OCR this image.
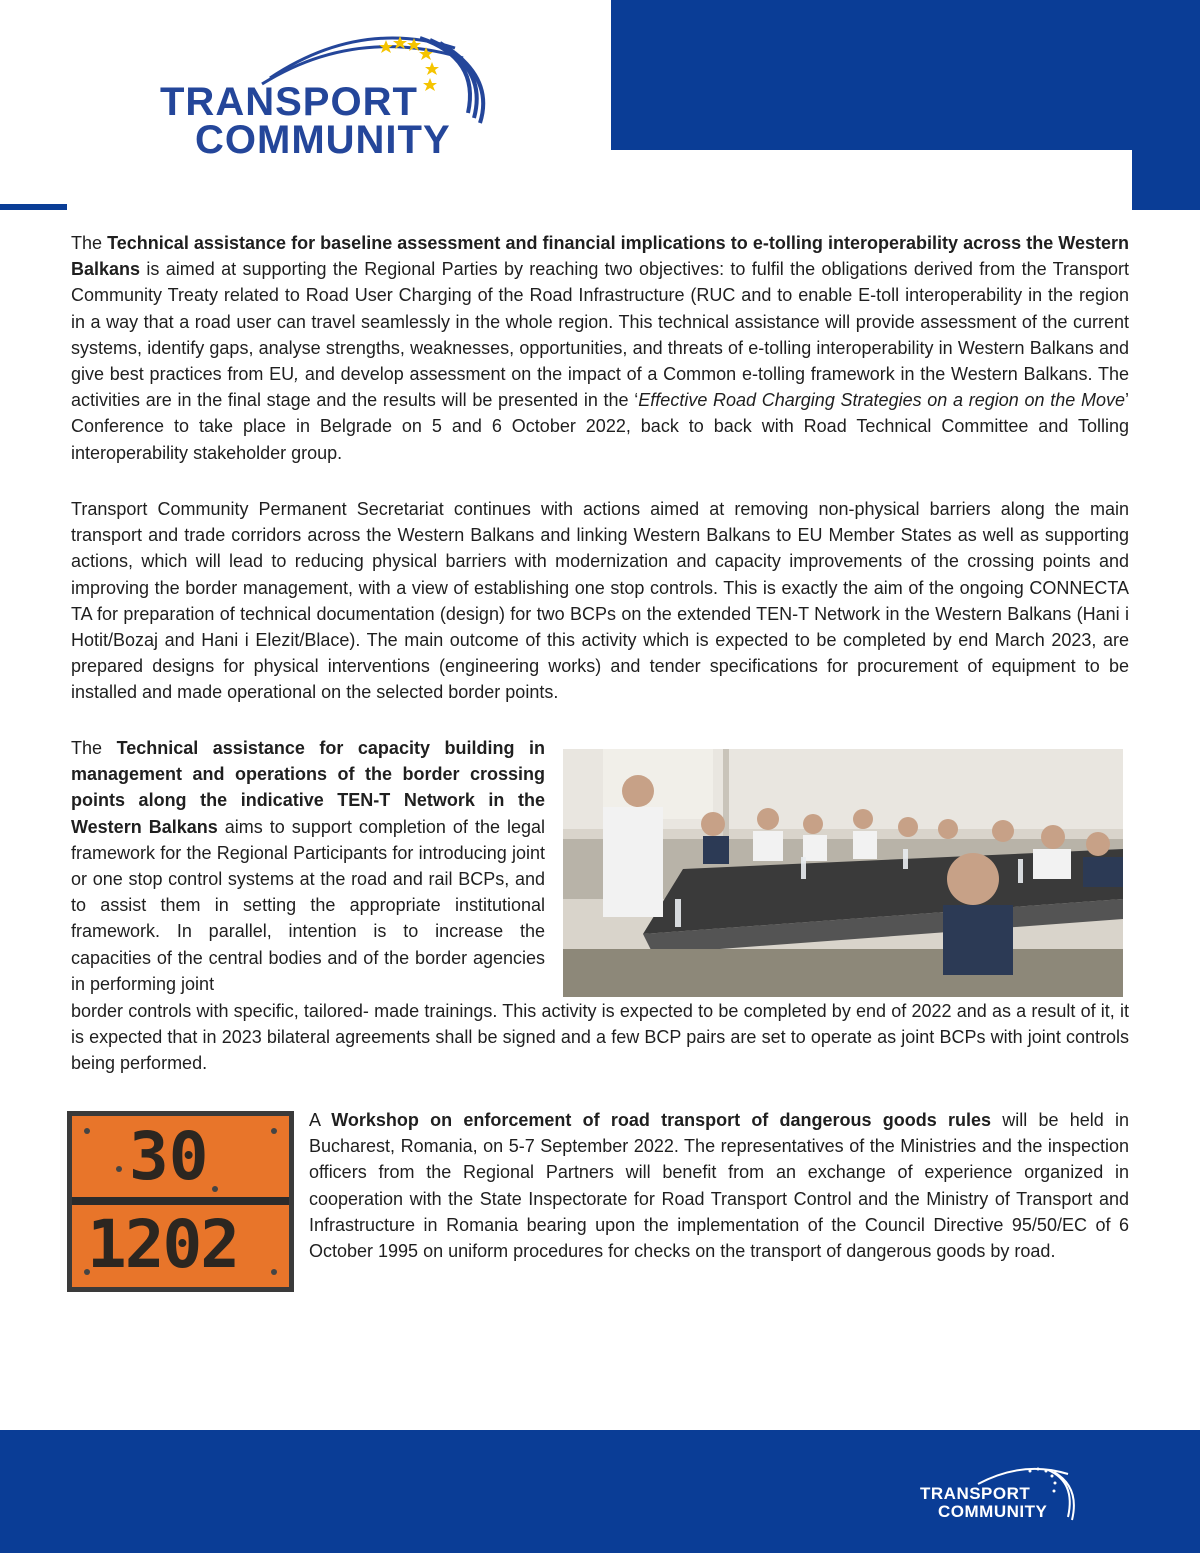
TRANSPORT
COMMUNITY
The Technical assistance for baseline assessment and financial implications to e-tolling interoperability across the Western Balkans is aimed at supporting the Regional Parties by reaching two objectives: to fulfil the obligations derived from the Transport Community Treaty related to Road User Charging of the Road Infrastructure (RUC and to enable E-toll interoperability in the region in a way that a road user can travel seamlessly in the whole region. This technical assistance will provide assessment of the current systems, identify gaps, analyse strengths, weaknesses, opportunities, and threats of e-tolling interoperability in Western Balkans and give best practices from EU, and develop assessment on the impact of a Common e-tolling framework in the Western Balkans. The activities are in the final stage and the results will be presented in the ‘Effective Road Charging Strategies on a region on the Move’ Conference to take place in Belgrade on 5 and 6 October 2022, back to back with Road Technical Committee and Tolling interoperability stakeholder group.
Transport Community Permanent Secretariat continues with actions aimed at removing non-physical barriers along the main transport and trade corridors across the Western Balkans and linking Western Balkans to EU Member States as well as supporting actions, which will lead to reducing physical barriers with modernization and capacity improvements of the crossing points and improving the border management, with a view of establishing one stop controls. This is exactly the aim of the ongoing CONNECTA TA for preparation of technical documentation (design) for two BCPs on the extended TEN-T Network in the Western Balkans (Hani i Hotit/Bozaj and Hani i Elezit/Blace). The main outcome of this activity which is expected to be completed by end March 2023, are prepared designs for physical interventions (engineering works) and tender specifications for procurement of equipment to be installed and made operational on the selected border points.
The Technical assistance for capacity building in management and operations of the border crossing points along the indicative TEN-T Network in the Western Balkans aims to support completion of the legal framework for the Regional Participants for introducing joint or one stop control systems at the road and rail BCPs, and to assist them in setting the appropriate institutional framework. In parallel, intention is to increase the capacities of the central bodies and of the border agencies in performing joint
border controls with specific, tailored- made trainings. This activity is expected to be completed by end of 2022 and as a result of it, it is expected that in 2023 bilateral agreements shall be signed and a few BCP pairs are set to operate as joint BCPs with joint controls being performed.
30
1202
A Workshop on enforcement of road transport of dangerous goods rules will be held in Bucharest, Romania, on 5-7 September 2022. The representatives of the Ministries and the inspection officers from the Regional Partners will benefit from an exchange of experience organized in cooperation with the State Inspectorate for Road Transport Control and the Ministry of Transport and Infrastructure in Romania bearing upon the implementation of the Council Directive 95/50/EC of 6 October 1995 on uniform procedures for checks on the transport of dangerous goods by road.
TRANSPORT
COMMUNITY
